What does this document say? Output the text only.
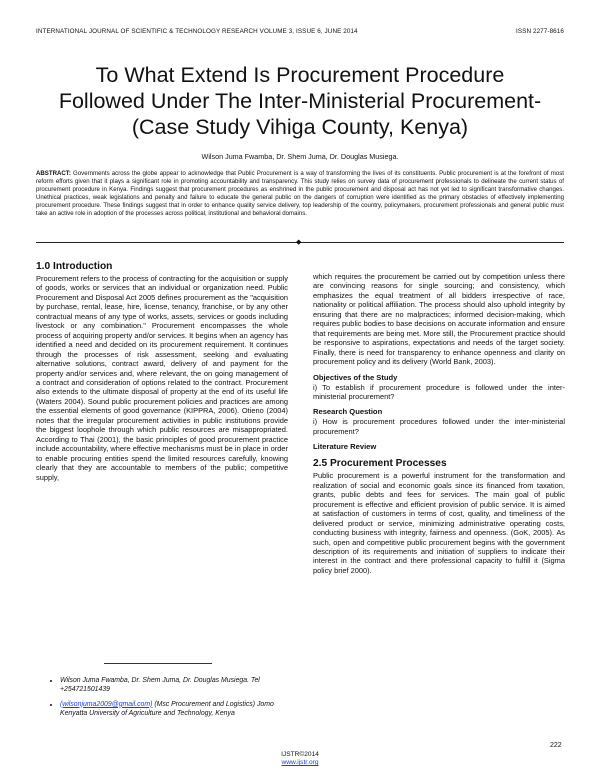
INTERNATIONAL JOURNAL OF SCIENTIFIC & TECHNOLOGY RESEARCH VOLUME 3, ISSUE 6, JUNE 2014	ISSN 2277-8616
To What Extend Is Procurement Procedure
Followed Under The Inter-Ministerial Procurement-
(Case Study Vihiga County, Kenya)
Wilson Juma Fwamba, Dr. Shem Juma, Dr. Douglas Musiega.
ABSTRACT: Governments across the globe appear to acknowledge that Public Procurement is a way of transforming the lives of its constituents. Public procurement is at the forefront of most reform efforts given that it plays a significant role in promoting accountability and transparency. This study relies on survey data of procurement professionals to delineate the current status of procurement procedure in Kenya. Findings suggest that procurement procedures as enshrined in the public procurement and disposal act has not yet led to significant transformative changes. Unethical practices, weak legislations and penalty and failure to educate the general public on the dangers of corruption were identified as the primary obstacles of effectively implementing procurement procedure. These findings suggest that in order to enhance quality service delivery, top leadership of the country, policymakers, procurement professionals and general public must take an active role in adoption of the processes across political, institutional and behavioral domains.
◆
1.0 Introduction

Procurement refers to the process of contracting for the acquisition or supply of goods, works or services that an individual or organization need. Public Procurement and Disposal Act 2005 defines procurement as the "acquisition by purchase, rental, lease, hire, license, tenancy, franchise, or by any other contractual means of any type of works, assets, services or goods including livestock or any combination." Procurement encompasses the whole process of acquiring property and/or services. It begins when an agency has identified a need and decided on its procurement requirement. It continues through the processes of risk assessment, seeking and evaluating alternative solutions, contract award, delivery of and payment for the property and/or services and, where relevant, the on going management of a contract and consideration of options related to the contract. Procurement also extends to the ultimate disposal of property at the end of its useful life (Waters 2004). Sound public procurement policies and practices are among the essential elements of good governance (KIPPRA, 2006). Otieno (2004) notes that the irregular procurement activities in public institutions provide the biggest loophole through which public resources are misappropriated. According to Thai (2001), the basic principles of good procurement practice include accountability, where effective mechanisms must be in place in order to enable procuring entities spend the limited resources carefully, knowing clearly that they are accountable to members of the public; competitive supply,

which requires the procurement be carried out by competition unless there are convincing reasons for single sourcing; and consistency, which emphasizes the equal treatment of all bidders irrespective of race, nationality or political affiliation. The process should also uphold integrity by ensuring that there are no malpractices; informed decision-making, which requires public bodies to base decisions on accurate information and ensure that requirements are being met. More still, the Procurement practice should be responsive to aspirations, expectations and needs of the target society. Finally, there is need for transparency to enhance openness and clarity on procurement policy and its delivery (World Bank, 2003).

Objectives of the Study

i) To establish if procurement procedure is followed under the inter-ministerial procurement?

Research Question

i) How is procurement procedures followed under the inter-ministerial procurement?

Literature Review
2.5 Procurement Processes

Public procurement is a powerful instrument for the transformation and realization of social and economic goals since its financed from taxation, grants, public debts and fees for services. The main goal of public procurement is effective and efficient provision of public service. It is aimed at satisfaction of customers in terms of cost, quality, and timeliness of the delivered product or service, minimizing administrative operating costs, conducting business with integrity, fairness and openness. (GoK, 2005). As such, open and competitive public procurement begins with the government description of its requirements and initiation of suppliers to indicate their interest in the contract and there professional capacity to fulfill it (Sigma policy brief 2000).

• Wilson Juma Fwamba, Dr. Shem Juma, Dr. Douglas Musiega. Tel +254721501439
• (wilsonjuma2009@gmail.com) (Msc Procurement and Logistics) Jomo Kenyatta University of Agriculture and Technology, Kenya
222
IJSTR©2014
www.ijstr.org
